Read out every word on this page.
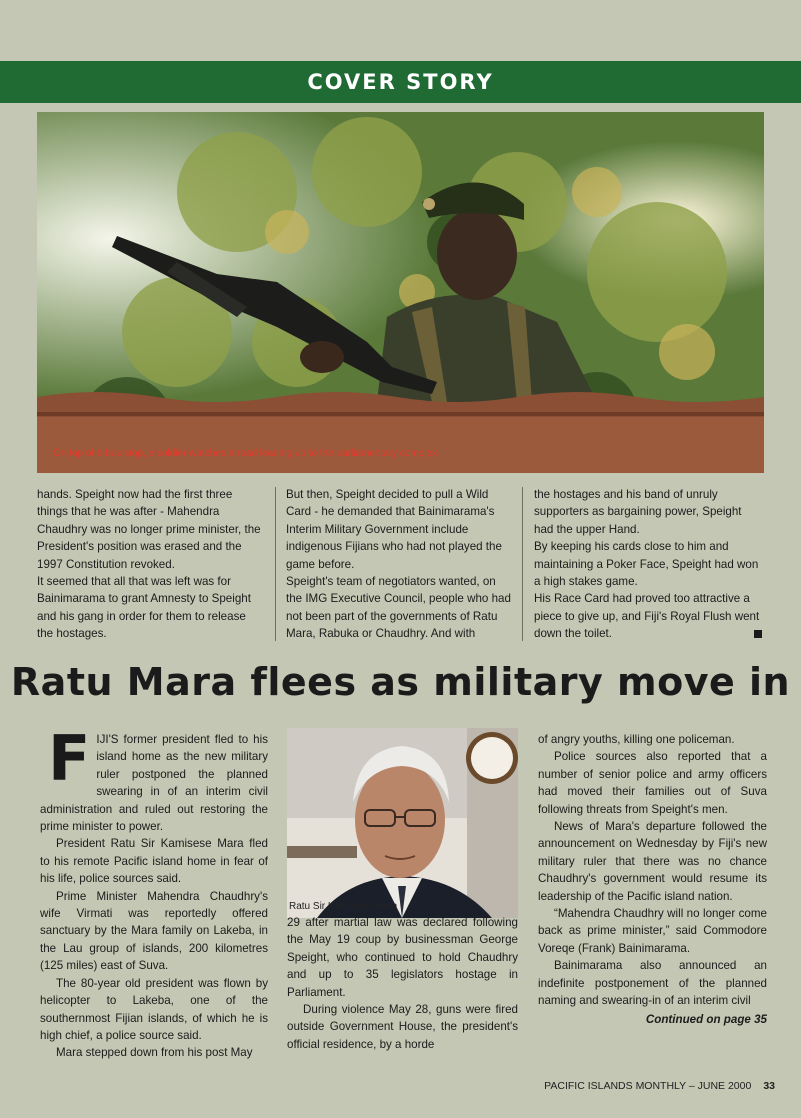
COVER STORY
On top of a bus stop, a soldier watches a road leading up to the parliamentary complex

hands. Speight now had the first three things that he was after - Mahendra Chaudhry was no longer prime minister, the President's position was erased and the 1997 Constitution revoked.

It seemed that all that was left was for Bainimarama to grant Amnesty to Speight and his gang in order for them to release the hostages.

But then, Speight decided to pull a Wild Card - he demanded that Bainimarama's Interim Military Government include indigenous Fijians who had not played the game before.

Speight's team of negotiators wanted, on the IMG Executive Council, people who had not been part of the governments of Ratu Mara, Rabuka or Chaudhry. And with

the hostages and his band of unruly supporters as bargaining power, Speight had the upper Hand.

By keeping his cards close to him and maintaining a Poker Face, Speight had won a high stakes game.

His Race Card had proved too attractive a piece to give up, and Fiji's Royal Flush went down the toilet.

Ratu Mara flees as military move in

FIJI'S former president fled to his island home as the new military ruler postponed the planned swearing in of an interim civil administration and ruled out restoring the prime minister to power.

President Ratu Sir Kamisese Mara fled to his remote Pacific island home in fear of his life, police sources said.

Prime Minister Mahendra Chaudhry's wife Virmati was reportedly offered sanctuary by the Mara family on Lakeba, in the Lau group of islands, 200 kilometres (125 miles) east of Suva.

The 80-year old president was flown by helicopter to Lakeba, one of the southernmost Fijian islands, of which he is high chief, a police source said.

Mara stepped down from his post May

Ratu Sir Kamisese Mara

29 after martial law was declared following the May 19 coup by businessman George Speight, who continued to hold Chaudhry and up to 35 legislators hostage in Parliament.

During violence May 28, guns were fired outside Government House, the president's official residence, by a horde

of angry youths, killing one policeman.

Police sources also reported that a number of senior police and army officers had moved their families out of Suva following threats from Speight's men.

News of Mara's departure followed the announcement on Wednesday by Fiji's new military ruler that there was no chance Chaudhry's government would resume its leadership of the Pacific island nation.

“Mahendra Chaudhry will no longer come back as prime minister,” said Commodore Voreqe (Frank) Bainimarama.

Bainimarama also announced an indefinite postponement of the planned naming and swearing-in of an interim civil

Continued on page 35
PACIFIC ISLANDS MONTHLY – JUNE 2000 33
